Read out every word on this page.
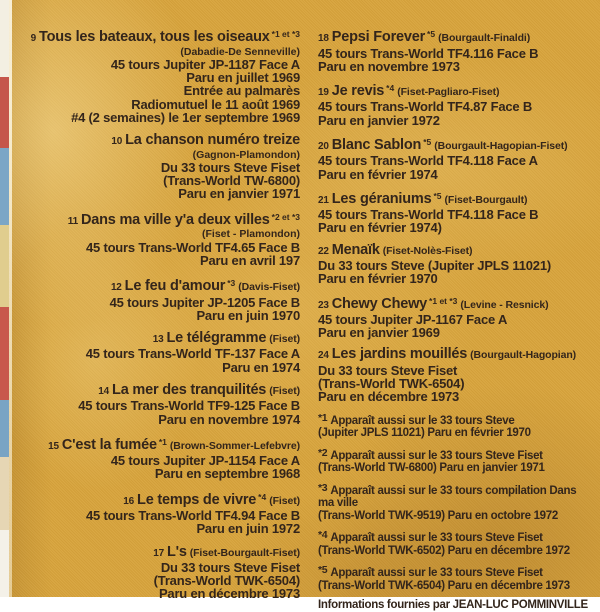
9 Tous les bateaux, tous les oiseaux $^{*1 et *3}$
(Dabadie-De Senneville)
45 tours Jupiter JP-1187 Face A
Paru en juillet 1969
Entrée au palmarès
Radiomutuel le 11 août 1969
#4 (2 semaines) le 1er septembre 1969
10 La chanson numéro treize
(Gagnon-Plamondon)
Du 33 tours Steve Fiset
(Trans-World TW-6800)
Paru en janvier 1971
11 Dans ma ville y'a deux villes $^{*2 et *3}$
(Fiset - Plamondon)
45 tours Trans-World TF4.65 Face B
Paru en avril 197
12 Le feu d'amour $^{*3}$ (Davis-Fiset)
45 tours Jupiter JP-1205 Face B
Paru en juin 1970
13 Le télégramme (Fiset)
45 tours Trans-World TF-137 Face A
Paru en 1974
14 La mer des tranquilités (Fiset)
45 tours Trans-World TF9-125 Face B
Paru en novembre 1974
15 C'est la fumée $^{*1}$ (Brown-Sommer-Lefebvre)
45 tours Jupiter JP-1154 Face A
Paru en septembre 1968
16 Le temps de vivre $^{*4}$ (Fiset)
45 tours Trans-World TF4.94 Face B
Paru en juin 1972
17 L's (Fiset-Bourgault-Fiset)
Du 33 tours Steve Fiset
(Trans-World TWK-6504)
Paru en décembre 1973
18 Pepsi Forever $^{*5}$ (Bourgault-Finaldi)
45 tours Trans-World TF4.116 Face B
Paru en novembre 1973
19 Je revis $^{*4}$ (Fiset-Pagliaro-Fiset)
45 tours Trans-World TF4.87 Face B
Paru en janvier 1972
20 Blanc Sablon $^{*5}$ (Bourgault-Hagopian-Fiset)
45 tours Trans-World TF4.118 Face A
Paru en février 1974
21 Les géraniums $^{*5}$ (Fiset-Bourgault)
45 tours Trans-World TF4.118 Face B
Paru en février 1974)
22 Menaïk (Fiset-Nolès-Fiset)
Du 33 tours Steve (Jupiter JPLS 11021)
Paru en février 1970
23 Chewy Chewy $^{*1 et *3}$ (Levine - Resnick)
45 tours Jupiter JP-1167 Face A
Paru en janvier 1969
24 Les jardins mouillés (Bourgault-Hagopian)
Du 33 tours Steve Fiset
(Trans-World TWK-6504)
Paru en décembre 1973
$^{*1}$ Apparaît aussi sur le 33 tours Steve
(Jupiter JPLS 11021) Paru en février 1970
$^{*2}$ Apparaît aussi sur le 33 tours Steve Fiset
(Trans-World TW-6800) Paru en janvier 1971
$^{*3}$ Apparaît aussi sur le 33 tours compilation Dans ma ville
(Trans-World TWK-9519) Paru en octobre 1972
$^{*4}$ Apparaît aussi sur le 33 tours Steve Fiset
(Trans-World TWK-6502) Paru en décembre 1972
$^{*5}$ Apparaît aussi sur le 33 tours Steve Fiset
(Trans-World TWK-6504) Paru en décembre 1973
Informations fournies par JEAN-LUC POMMINVILLE
